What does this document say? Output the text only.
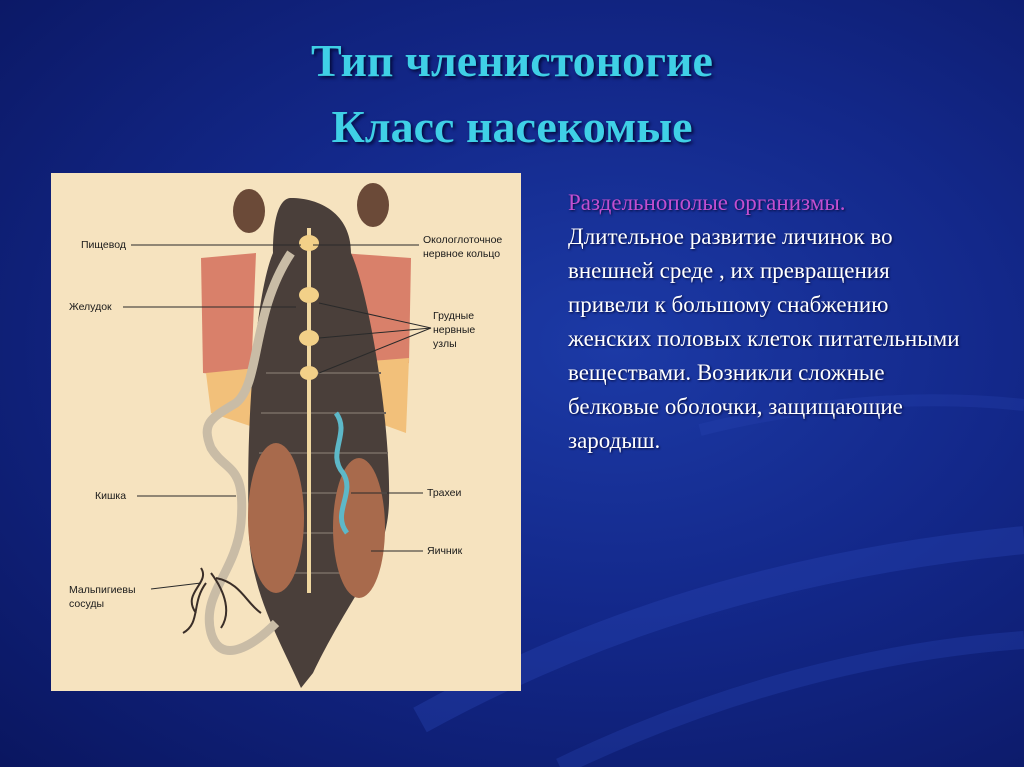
Тип членистоногие
Класс насекомые
Пищевод	Окологлоточное
нервное кольцо
Желудок
Грудные
нервные
узлы
Кишка	Трахеи
Яичник
Мальпигиевы
сосуды
Раздельнополые организмы.
Длительное развитие личинок во внешней среде , их превращения привели к большому снабжению женских половых клеток питательными веществами. Возникли сложные белковые оболочки, защищающие зародыш.
